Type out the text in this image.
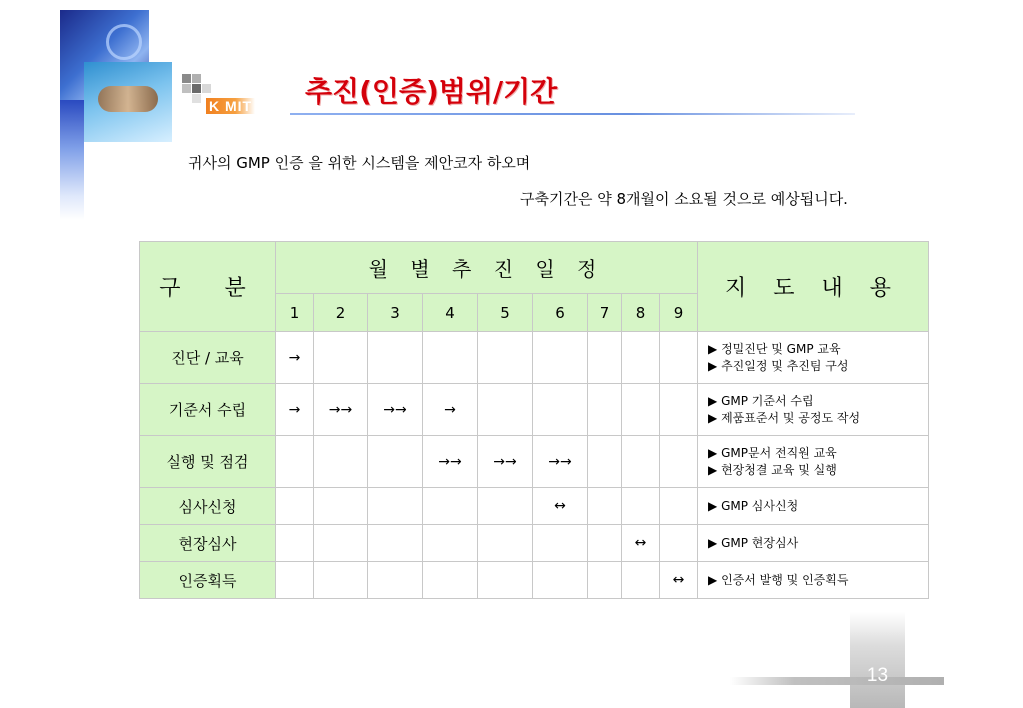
K MIT 추진(인증)범위/기간
귀사의 GMP 인증 을 위한 시스템을 제안코자 하오며
구축기간은 약 8개월이 소요될 것으로 예상됩니다.
구  분	월 별 추 진 일 정									지 도 내 용
	1	2	3	4	5	6	7	8	9	
진단 / 교육	→									▶ 정밀진단 및 GMP 교육
▶ 추진일정 및 추진팀 구성

기준서 수립	→	→→	→→	→						▶ GMP 기준서 수립
▶ 제품표준서 및 공정도 작성

실행 및 점검				→→	→→	→→				▶ GMP문서 전직원 교육
▶ 현장청결 교육 및 실행

심사신청						↔				▶ GMP 심사신청

현장심사								↔		▶ GMP 현장심사

인증획득									↔	▶ 인증서 발행 및 인증획득
13
